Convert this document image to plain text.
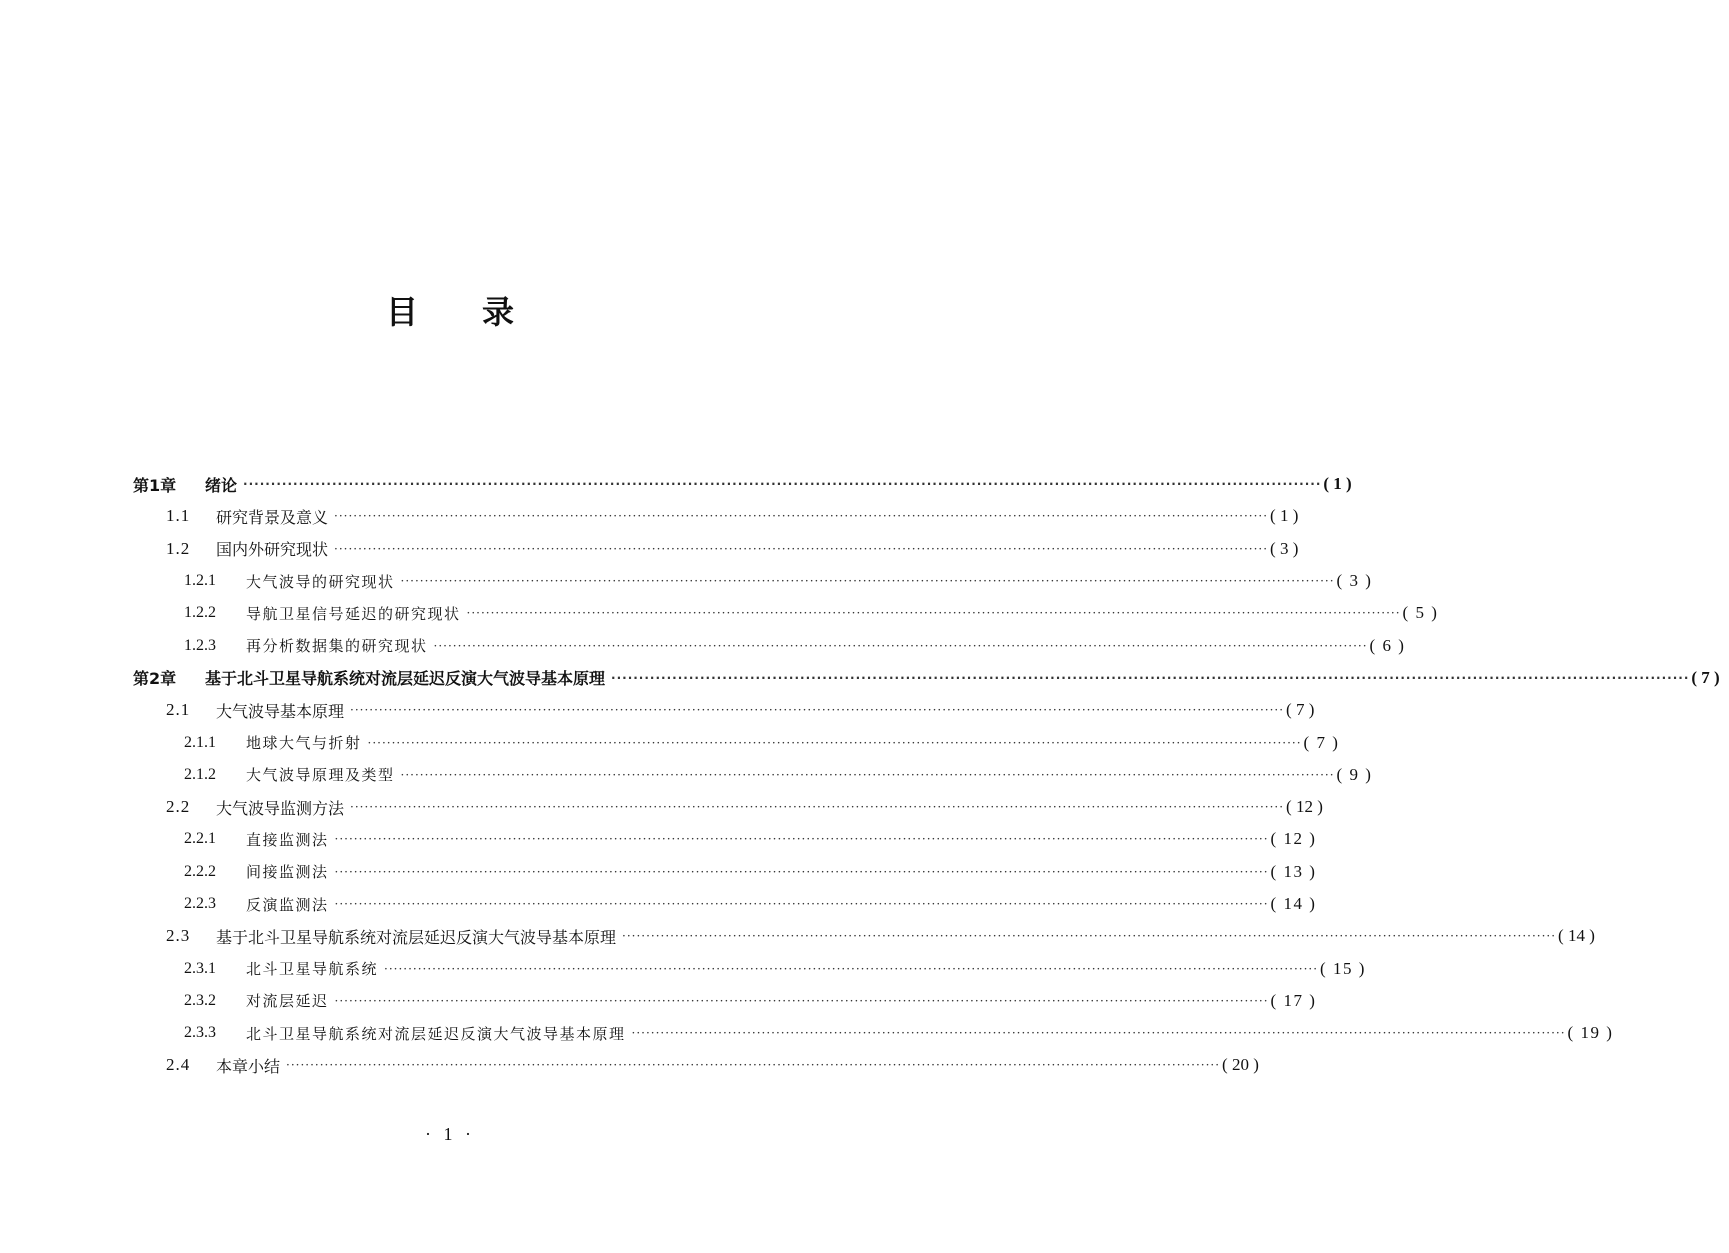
目　　录
第1章	绪论 ·································································································································································································· ( 1 )
1.1	研究背景及意义 ·································································································································································································· ( 1 )
1.2	国内外研究现状 ·································································································································································································· ( 3 )
1.2.1	大气波导的研究现状 ·································································································································································································· ( 3 )
1.2.2	导航卫星信号延迟的研究现状 ·································································································································································································· ( 5 )
1.2.3	再分析数据集的研究现状 ·································································································································································································· ( 6 )
第2章	基于北斗卫星导航系统对流层延迟反演大气波导基本原理 ·································································································································································································· ( 7 )
2.1	大气波导基本原理 ·································································································································································································· ( 7 )
2.1.1	地球大气与折射 ·································································································································································································· ( 7 )
2.1.2	大气波导原理及类型 ·································································································································································································· ( 9 )
2.2	大气波导监测方法 ·································································································································································································· ( 12 )
2.2.1	直接监测法 ·································································································································································································· ( 12 )
2.2.2	间接监测法 ·································································································································································································· ( 13 )
2.2.3	反演监测法 ·································································································································································································· ( 14 )
2.3	基于北斗卫星导航系统对流层延迟反演大气波导基本原理 ·································································································································································································· ( 14 )
2.3.1	北斗卫星导航系统 ·································································································································································································· ( 15 )
2.3.2	对流层延迟 ·································································································································································································· ( 17 )
2.3.3	北斗卫星导航系统对流层延迟反演大气波导基本原理 ·································································································································································································· ( 19 )
2.4	本章小结 ·································································································································································································· ( 20 )
· 1 ·
